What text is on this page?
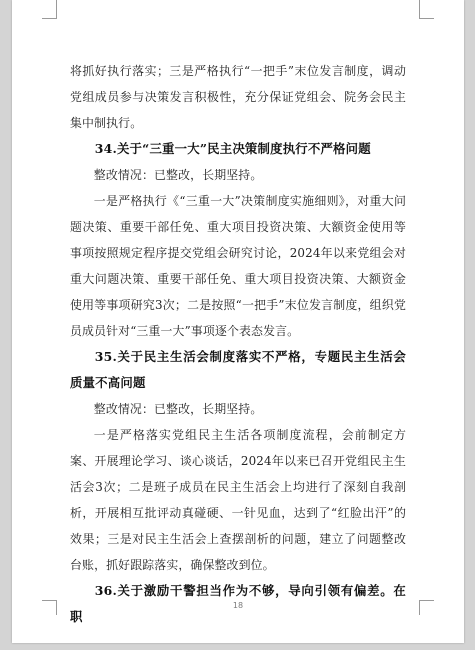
将抓好执行落实；三是严格执行“一把手”末位发言制度，调动党组成员参与决策发言积极性，充分保证党组会、院务会民主集中制执行。

34.关于“三重一大”民主决策制度执行不严格问题

整改情况：已整改，长期坚持。

一是严格执行《“三重一大”决策制度实施细则》，对重大问题决策、重要干部任免、重大项目投资决策、大额资金使用等事项按照规定程序提交党组会研究讨论，2024年以来党组会对重大问题决策、重要干部任免、重大项目投资决策、大额资金使用等事项研究3次；二是按照“一把手”末位发言制度，组织党员成员针对“三重一大”事项逐个表态发言。

35.关于民主生活会制度落实不严格，专题民主生活会质量不高问题

整改情况：已整改，长期坚持。

一是严格落实党组民主生活各项制度流程，会前制定方案、开展理论学习、谈心谈话，2024年以来已召开党组民主生活会3次；二是班子成员在民主生活会上均进行了深刻自我剖析，开展相互批评动真碰硬、一针见血，达到了“红脸出汗”的效果；三是对民主生活会上查摆剖析的问题，建立了问题整改台账，抓好跟踪落实，确保整改到位。

36.关于激励干警担当作为不够，导向引领有偏差。在职

18
